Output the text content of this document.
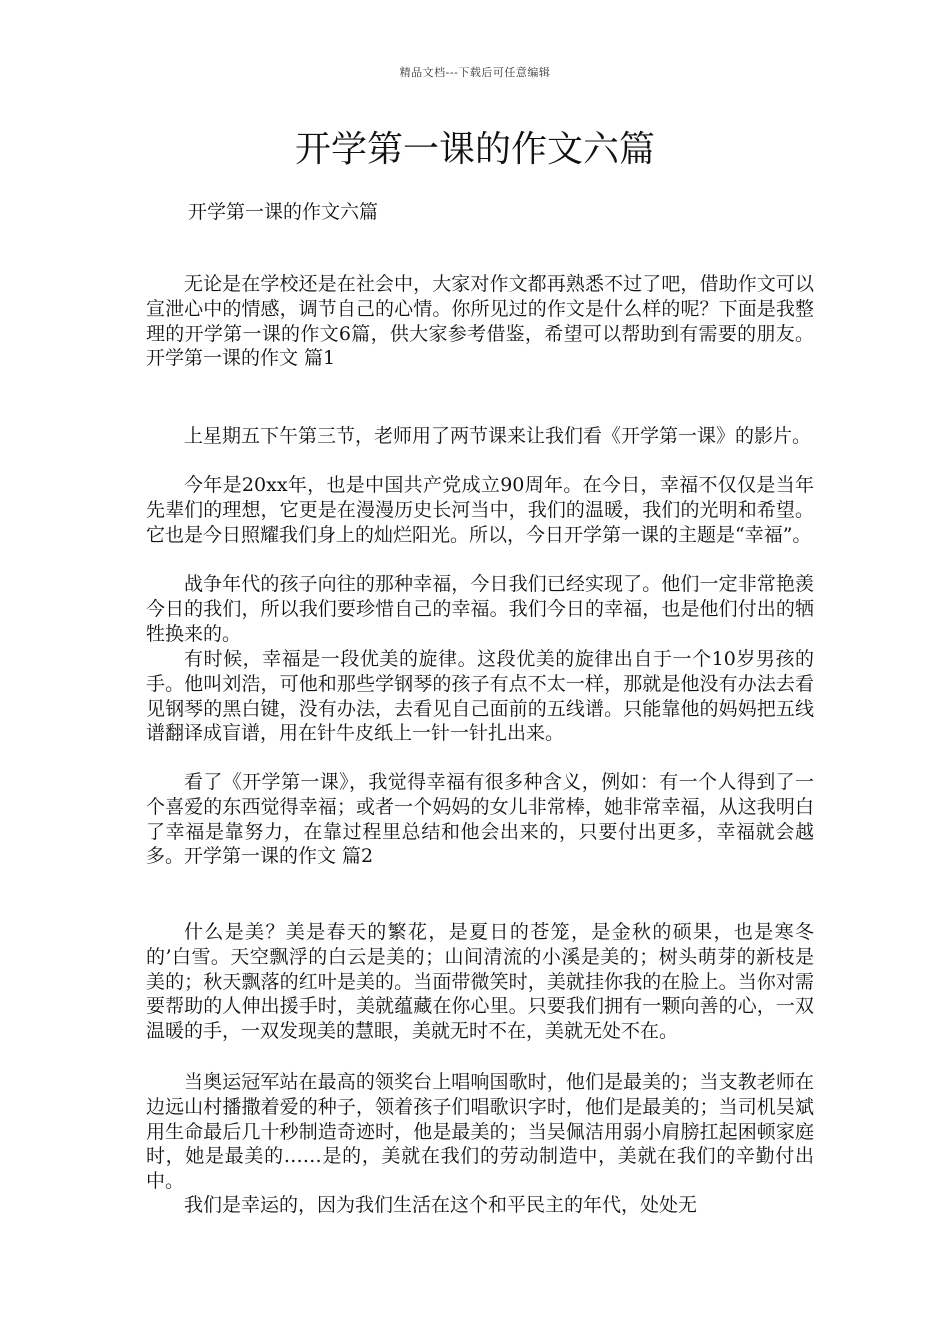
精品文档---下载后可任意编辑
开学第一课的作文六篇

开学第一课的作文六篇

无论是在学校还是在社会中，大家对作文都再熟悉不过了吧，借助作文可以宣泄心中的情感，调节自己的心情。你所见过的作文是什么样的呢？下面是我整理的开学第一课的作文6篇，供大家参考借鉴，希望可以帮助到有需要的朋友。开学第一课的作文 篇1

上星期五下午第三节，老师用了两节课来让我们看《开学第一课》的影片。

今年是20xx年，也是中国共产党成立90周年。在今日，幸福不仅仅是当年先辈们的理想，它更是在漫漫历史长河当中，我们的温暖，我们的光明和希望。它也是今日照耀我们身上的灿烂阳光。所以，今日开学第一课的主题是“幸福”。

战争年代的孩子向往的那种幸福，今日我们已经实现了。他们一定非常艳羡今日的我们，所以我们要珍惜自己的幸福。我们今日的幸福，也是他们付出的牺牲换来的。

有时候，幸福是一段优美的旋律。这段优美的旋律出自于一个10岁男孩的手。他叫刘浩，可他和那些学钢琴的孩子有点不太一样，那就是他没有办法去看见钢琴的黑白键，没有办法，去看见自己面前的五线谱。只能靠他的妈妈把五线谱翻译成盲谱，用在针牛皮纸上一针一针扎出来。

看了《开学第一课》，我觉得幸福有很多种含义，例如：有一个人得到了一个喜爱的东西觉得幸福；或者一个妈妈的女儿非常棒，她非常幸福，从这我明白了幸福是靠努力，在靠过程里总结和他会出来的，只要付出更多，幸福就会越多。开学第一课的作文 篇2

什么是美？美是春天的繁花，是夏日的苍笼，是金秋的硕果，也是寒冬的’白雪。天空飘浮的白云是美的；山间清流的小溪是美的；树头萌芽的新枝是美的；秋天飘落的红叶是美的。当面带微笑时，美就挂你我的在脸上。当你对需要帮助的人伸出援手时，美就蕴藏在你心里。只要我们拥有一颗向善的心，一双温暖的手，一双发现美的慧眼，美就无时不在，美就无处不在。

当奥运冠军站在最高的领奖台上唱响国歌时，他们是最美的；当支教老师在边远山村播撒着爱的种子，领着孩子们唱歌识字时，他们是最美的；当司机吴斌用生命最后几十秒制造奇迹时，他是最美的；当吴佩洁用弱小肩膀扛起困顿家庭时，她是最美的……是的，美就在我们的劳动制造中，美就在我们的辛勤付出中。

我们是幸运的，因为我们生活在这个和平民主的年代，处处无
